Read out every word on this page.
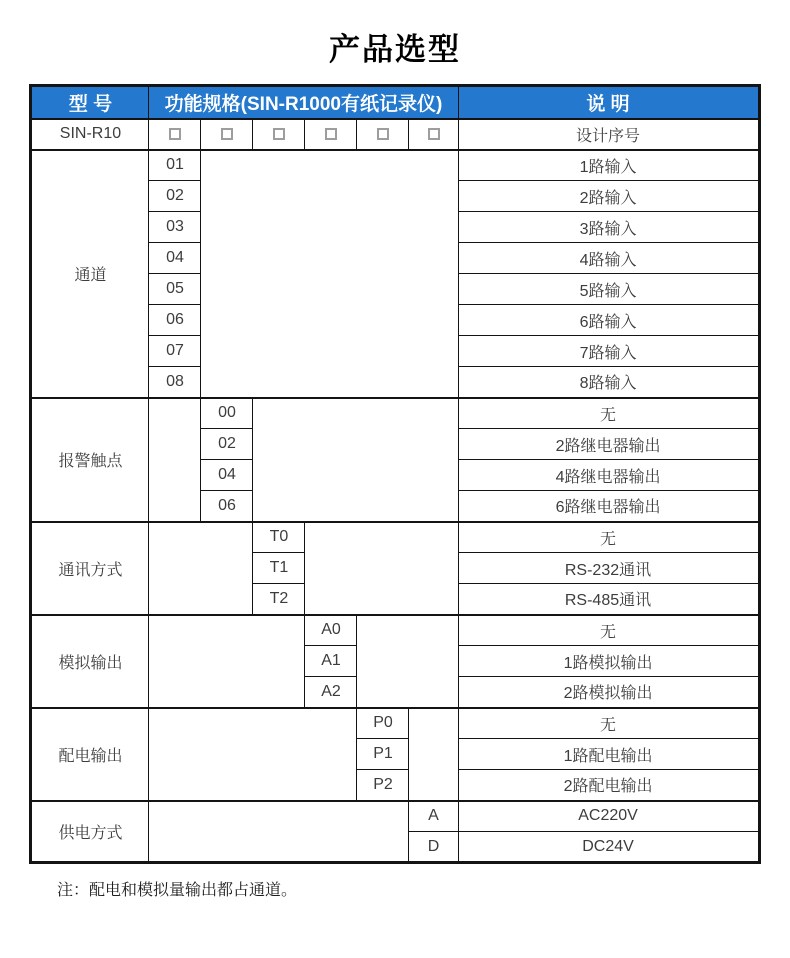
产品选型
型 号	功能规格(SIN-R1000有纸记录仪)						说 明
SIN-R10							设计序号
通道	01						1路输入
	02						2路输入
	03						3路输入
	04						4路输入
	05						5路输入
	06						6路输入
	07						7路输入
	08						8路输入
报警触点		00					无
		02					2路继电器输出
		04					4路继电器输出
		06					6路继电器输出
通讯方式			T0				无
			T1				RS-232通讯
			T2				RS-485通讯
模拟输出				A0			无
				A1			1路模拟输出
				A2			2路模拟输出
配电输出					P0		无
					P1		1路配电输出
					P2		2路配电输出
供电方式						A	AC220V
						D	DC24V

注：配电和模拟量输出都占通道。
